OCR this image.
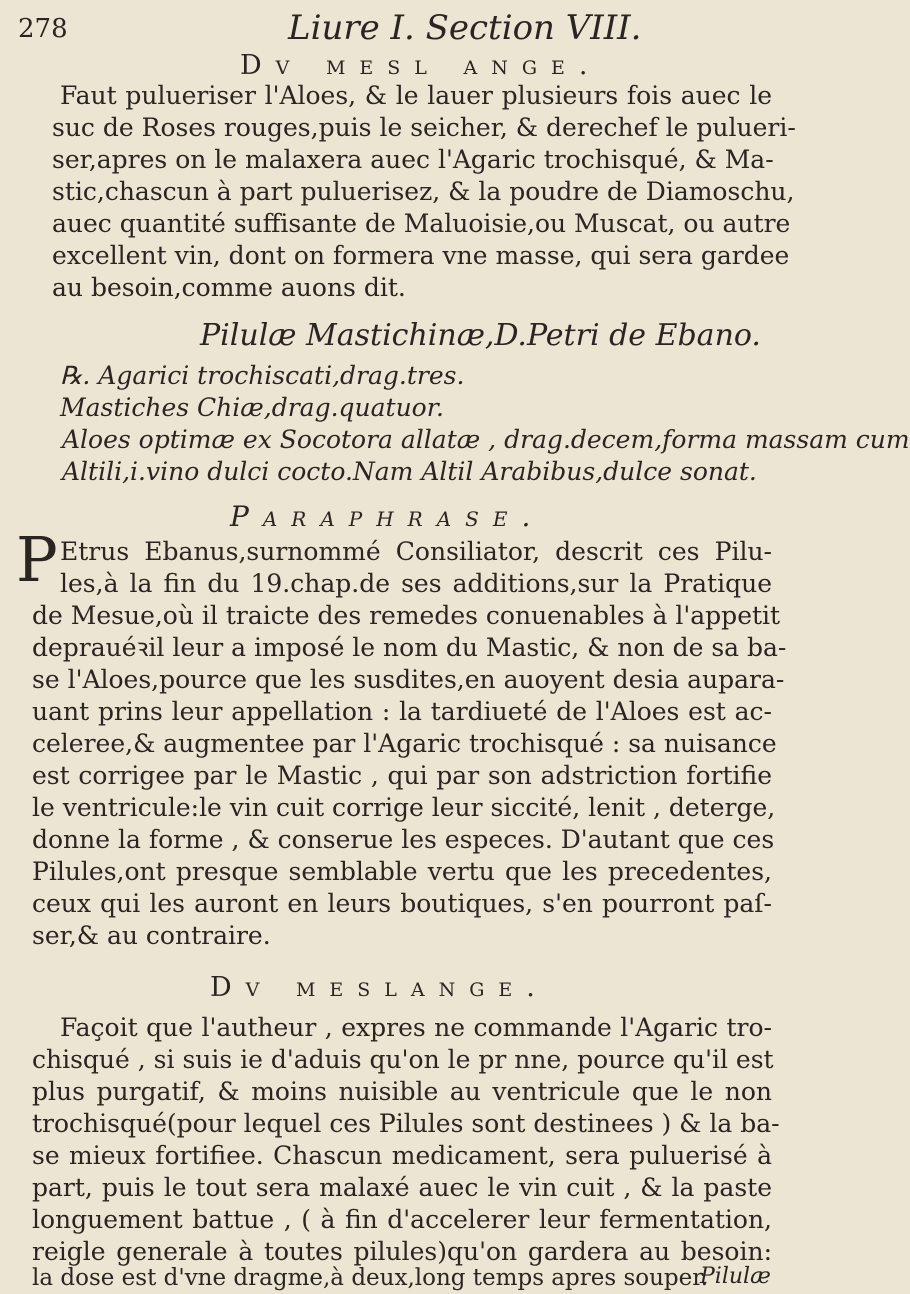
278	Liure I. Section VIII.
Dv mesl ange.
Faut pulueriser l'Aloes, & le lauer plusieurs fois auec le
suc de Roses rouges,puis le seicher, & derechef le pulueri-
ser,apres on le malaxera auec l'Agaric trochisqué, & Ma-
stic,chascun à part puluerisez, & la poudre de Diamoschu,
auec quantité suffisante de Maluoisie,ou Muscat, ou autre
excellent vin, dont on formera vne masse, qui sera gardee
au besoin,comme auons dit.
Pilulæ Mastichinæ,D.Petri de Ebano.
℞. Agarici trochiscati,drag.tres.
Mastiches Chiæ,drag.quatuor.
Aloes optimæ ex Socotora allatæ , drag.decem,forma massam cum
Altili,i.vino dulci cocto.Nam Altil Arabibus,dulce sonat.
Paraphrase.
P Etrus Ebanus,surnommé Consiliator, descrit ces Pilu-
les,à la fin du 19.chap.de ses additions,sur la Pratique
de Mesue,où il traicte des remedes conuenables à l'appetit
deprauéꝛil leur a imposé le nom du Mastic, & non de sa ba-
se l'Aloes,pource que les susdites,en auoyent desia aupara-
uant prins leur appellation : la tardiueté de l'Aloes est ac-
celeree,& augmentee par l'Agaric trochisqué : sa nuisance
est corrigee par le Mastic , qui par son adstriction fortifie
le ventricule:le vin cuit corrige leur siccité, lenit , deterge,
donne la forme , & conserue les especes. D'autant que ces
Pilules,ont presque semblable vertu que les precedentes,
ceux qui les auront en leurs boutiques, s'en pourront paſ-
ser,& au contraire.
Dv meslange.
Façoit que l'autheur , expres ne commande l'Agaric tro-
chisqué , si suis ie d'aduis qu'on le pr nne, pource qu'il est
plus purgatif, & moins nuisible au ventricule que le non
trochisqué(pour lequel ces Pilules sont destinees ) & la ba-
se mieux fortifiee. Chascun medicament, sera puluerisé à
part, puis le tout sera malaxé auec le vin cuit , & la paste
longuement battue , ( à fin d'accelerer leur fermentation,
reigle generale à toutes pilules)qu'on gardera au besoin:
la dose est d'vne dragme,à deux,long temps apres souper.
Pilulæ
